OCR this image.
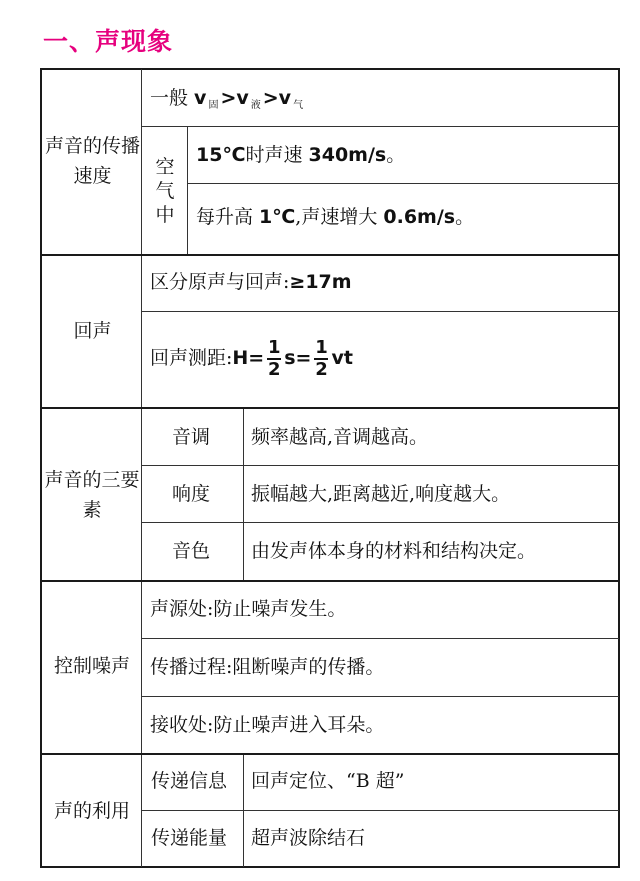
一、声现象
声音的传播速度
一般 v $_固$ >v $_液$ >v $_气$
空气中
15℃时声速 340m/s。
每升高 1℃,声速增大 0.6m/s。
回声
区分原声与回声:≥17m
回声测距:H= $\frac{1}{2} s= \frac{1}{2}$ vt
声音的三要素
音调 频率越高,音调越高。
响度 振幅越大,距离越近,响度越大。
音色 由发声体本身的材料和结构决定。
控制噪声
声源处:防止噪声发生。
传播过程:阻断噪声的传播。
接收处:防止噪声进入耳朵。
声的利用
传递信息 回声定位、“B 超”
传递能量 超声波除结石
